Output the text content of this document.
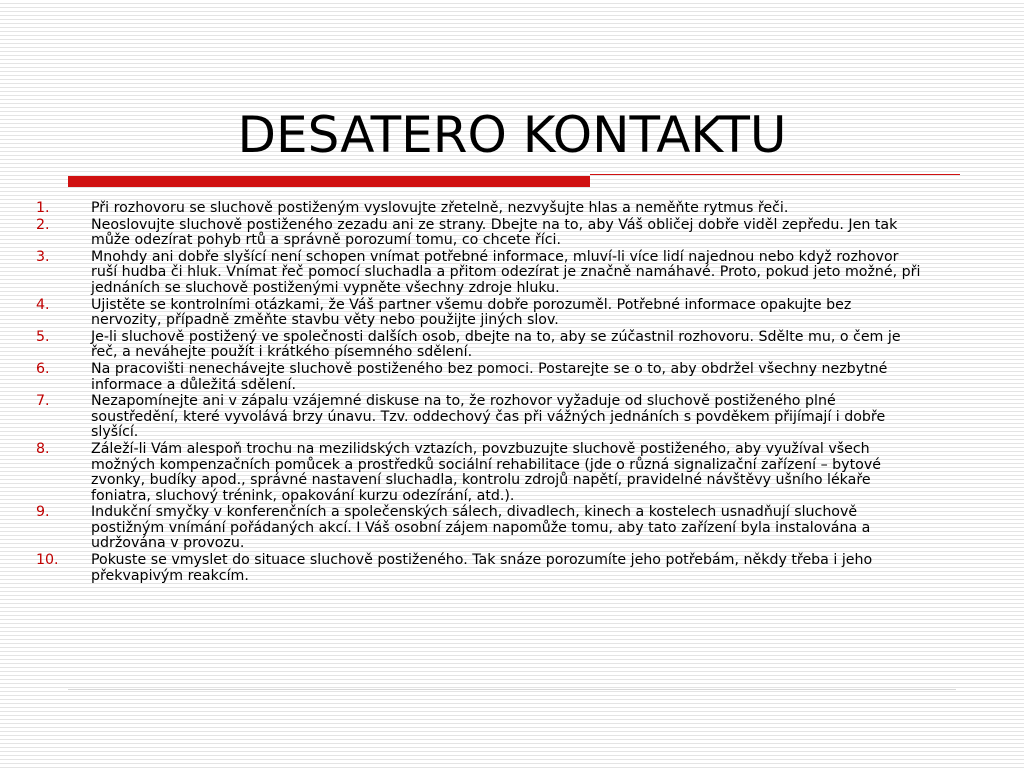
DESATERO KONTAKTU
1.	Při rozhovoru se sluchově postiženým vyslovujte zřetelně, nezvyšujte hlas a neměňte rytmus řeči.
2.	Neoslovujte sluchově postiženého zezadu ani ze strany. Dbejte na to, aby Váš obličej dobře viděl zepředu. Jen tak může odezírat pohyb rtů a správně porozumí tomu, co chcete říci.
3.	Mnohdy ani dobře slyšící není schopen vnímat potřebné informace, mluví-li více lidí najednou nebo když rozhovor ruší hudba či hluk. Vnímat řeč pomocí sluchadla a přitom odezírat je značně namáhavé. Proto, pokud jeto možné, při jednáních se sluchově postiženými vypněte všechny zdroje hluku.
4.	Ujistěte se kontrolními otázkami, že Váš partner všemu dobře porozuměl. Potřebné informace opakujte bez nervozity, případně změňte stavbu věty nebo použijte jiných slov.
5.	Je-li sluchově postižený ve společnosti dalších osob, dbejte na to, aby se zúčastnil rozhovoru. Sdělte mu, o čem je řeč, a neváhejte použít i krátkého písemného sdělení.
6.	Na pracovišti nenechávejte sluchově postiženého bez pomoci. Postarejte se o to, aby obdržel všechny nezbytné informace a důležitá sdělení.
7.	Nezapomínejte ani v zápalu vzájemné diskuse na to, že rozhovor vyžaduje od sluchově postiženého plné soustředění, které vyvolává brzy únavu. Tzv. oddechový čas při vážných jednáních s povděkem přijímají i dobře slyšící.
8.	Záleží-li Vám alespoň trochu na mezilidských vztazích, povzbuzujte sluchově postiženého, aby využíval všech možných kompenzačních pomůcek a prostředků sociální rehabilitace (jde o různá signalizační zařízení – bytové zvonky, budíky apod., správné nastavení sluchadla, kontrolu zdrojů napětí, pravidelné návštěvy ušního lékaře foniatra, sluchový trénink, opakování kurzu odezírání, atd.).
9.	Indukční smyčky v konferenčních a společenských sálech, divadlech, kinech a kostelech usnadňují sluchově postižným vnímání pořádaných akcí. I Váš osobní zájem napomůže tomu, aby tato zařízení byla instalována a udržována v provozu.
10.	Pokuste se vmyslet do situace sluchově postiženého. Tak snáze porozumíte jeho potřebám, někdy třeba i jeho překvapivým reakcím.
